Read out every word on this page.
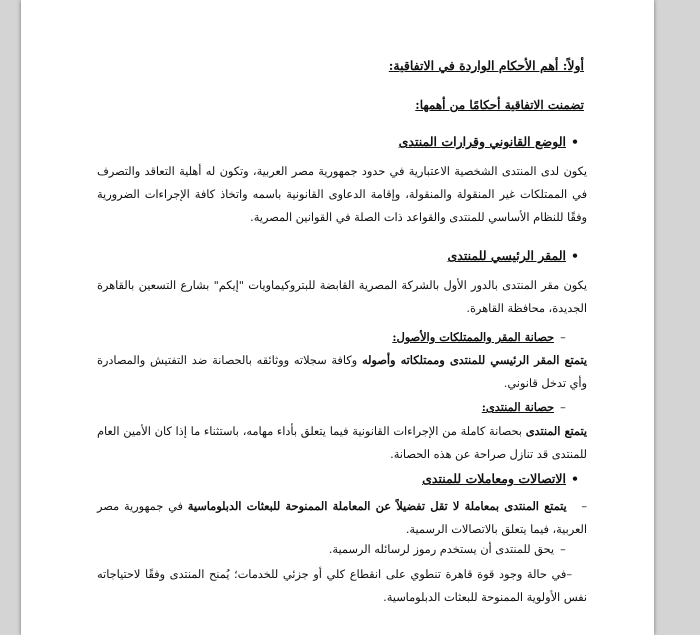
أولاً: أهم الأحكام الواردة في الاتفاقية:
تضمنت الاتفاقية أحكامًا من أهمها:
•الوضع القانوني وقرارات المنتدى
يكون لدى المنتدى الشخصية الاعتبارية في حدود جمهورية مصر العربية، وتكون له أهلية التعاقد والتصرف في الممتلكات غير المنقولة والمنقولة، وإقامة الدعاوى القانونية باسمه واتخاذ كافة الإجراءات الضرورية وفقًا للنظام الأساسي للمنتدى والقواعد ذات الصلة في القوانين المصرية.
•المقر الرئيسي للمنتدى
يكون مقر المنتدى بالدور الأول بالشركة المصرية القابضة للبتروكيماويات "إيكم" بشارع التسعين بالقاهرة الجديدة، محافظة القاهرة.
–حصانة المقر والممتلكات والأصول:
يتمتع المقر الرئيسي للمنتدى وممتلكاته وأصوله وكافة سجلاته ووثائقه بالحصانة ضد التفتيش والمصادرة وأي تدخل قانوني.
–حصانة المنتدى:
يتمتع المنتدى بحصانة كاملة من الإجراءات القانونية فيما يتعلق بأداء مهامه، باستثناء ما إذا كان الأمين العام للمنتدى قد تنازل صراحة عن هذه الحصانة.
•الاتصالات ومعاملات للمنتدى
–   يتمتع المنتدى بمعاملة لا تقل تفضيلاً عن المعاملة الممنوحة للبعثات الدبلوماسية في جمهورية مصر العربية، فيما يتعلق بالاتصالات الرسمية.
–يحق للمنتدى أن يستخدم رموز لرسائله الرسمية.
–في حالة وجود قوة قاهرة تنطوي على انقطاع كلي أو جزئي للخدمات؛ يُمنح المنتدى وفقًا لاحتياجاته نفس الأولوية الممنوحة للبعثات الدبلوماسية.
